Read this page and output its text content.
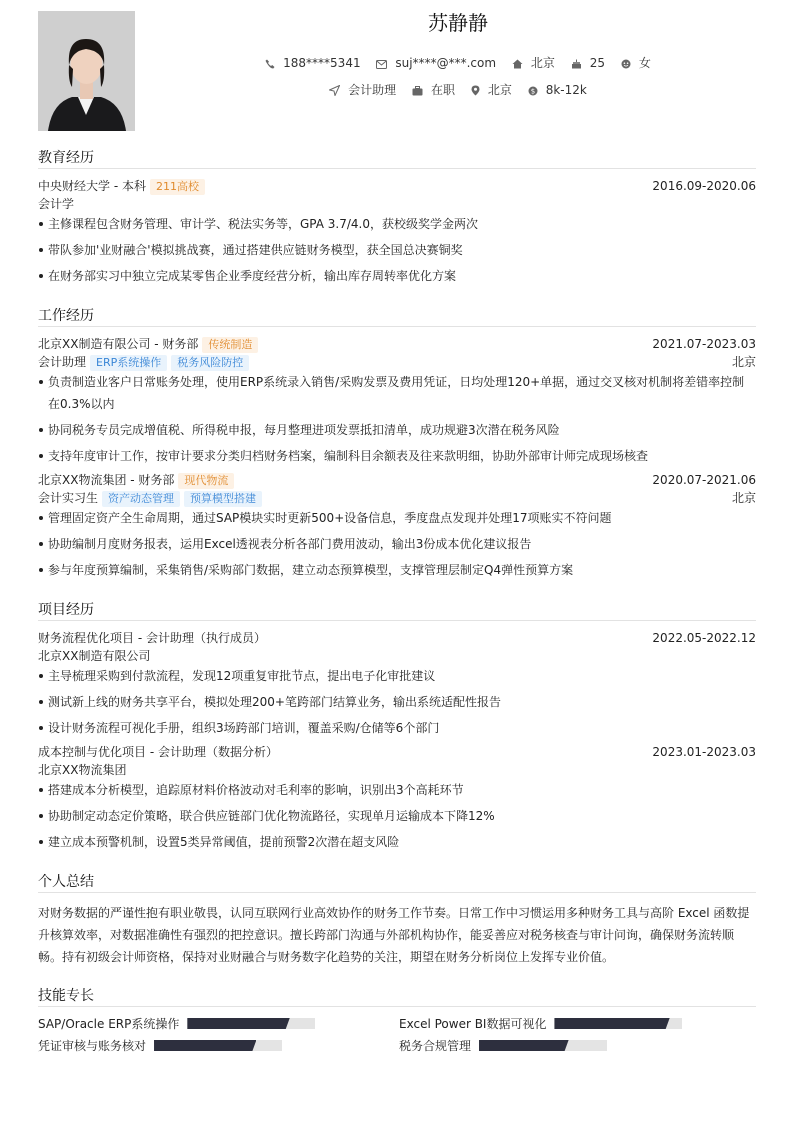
苏静静
188****5341	suj****@***.com	北京	25	女
会计助理	在职	北京	$ 8k-12k
教育经历
中央财经大学 - 本科 211高校	2016.09-2020.06
会计学
主修课程包含财务管理、审计学、税法实务等，GPA 3.7/4.0，获校级奖学金两次
带队参加'业财融合'模拟挑战赛，通过搭建供应链财务模型，获全国总决赛铜奖
在财务部实习中独立完成某零售企业季度经营分析，输出库存周转率优化方案
工作经历
北京XX制造有限公司 - 财务部 传统制造	2021.07-2023.03
会计助理 ERP系统操作 税务风险防控	北京
负责制造业客户日常账务处理，使用ERP系统录入销售/采购发票及费用凭证，日均处理120+单据，通过交叉核对机制将差错率控制在0.3%以内
协同税务专员完成增值税、所得税申报，每月整理进项发票抵扣清单，成功规避3次潜在税务风险
支持年度审计工作，按审计要求分类归档财务档案，编制科目余额表及往来款明细，协助外部审计师完成现场核查
北京XX物流集团 - 财务部 现代物流	2020.07-2021.06
会计实习生 资产动态管理 预算模型搭建	北京
管理固定资产全生命周期，通过SAP模块实时更新500+设备信息，季度盘点发现并处理17项账实不符问题
协助编制月度财务报表，运用Excel透视表分析各部门费用波动，输出3份成本优化建议报告
参与年度预算编制，采集销售/采购部门数据，建立动态预算模型，支撑管理层制定Q4弹性预算方案
项目经历
财务流程优化项目 - 会计助理（执行成员）	2022.05-2022.12
北京XX制造有限公司
主导梳理采购到付款流程，发现12项重复审批节点，提出电子化审批建议
测试新上线的财务共享平台，模拟处理200+笔跨部门结算业务，输出系统适配性报告
设计财务流程可视化手册，组织3场跨部门培训，覆盖采购/仓储等6个部门
成本控制与优化项目 - 会计助理（数据分析）	2023.01-2023.03
北京XX物流集团
搭建成本分析模型，追踪原材料价格波动对毛利率的影响，识别出3个高耗环节
协助制定动态定价策略，联合供应链部门优化物流路径，实现单月运输成本下降12%
建立成本预警机制，设置5类异常阈值，提前预警2次潜在超支风险
个人总结
对财务数据的严谨性抱有职业敬畏，认同互联网行业高效协作的财务工作节奏。日常工作中习惯运用多种财务工具与高阶 Excel 函数提升核算效率，对数据准确性有强烈的把控意识。擅长跨部门沟通与外部机构协作，能妥善应对税务核查与审计问询，确保财务流转顺畅。持有初级会计师资格，保持对业财融合与财务数字化趋势的关注，期望在财务分析岗位上发挥专业价值。
技能专长
SAP/Oracle ERP系统操作	Excel Power BI数据可视化
凭证审核与账务核对	税务合规管理
